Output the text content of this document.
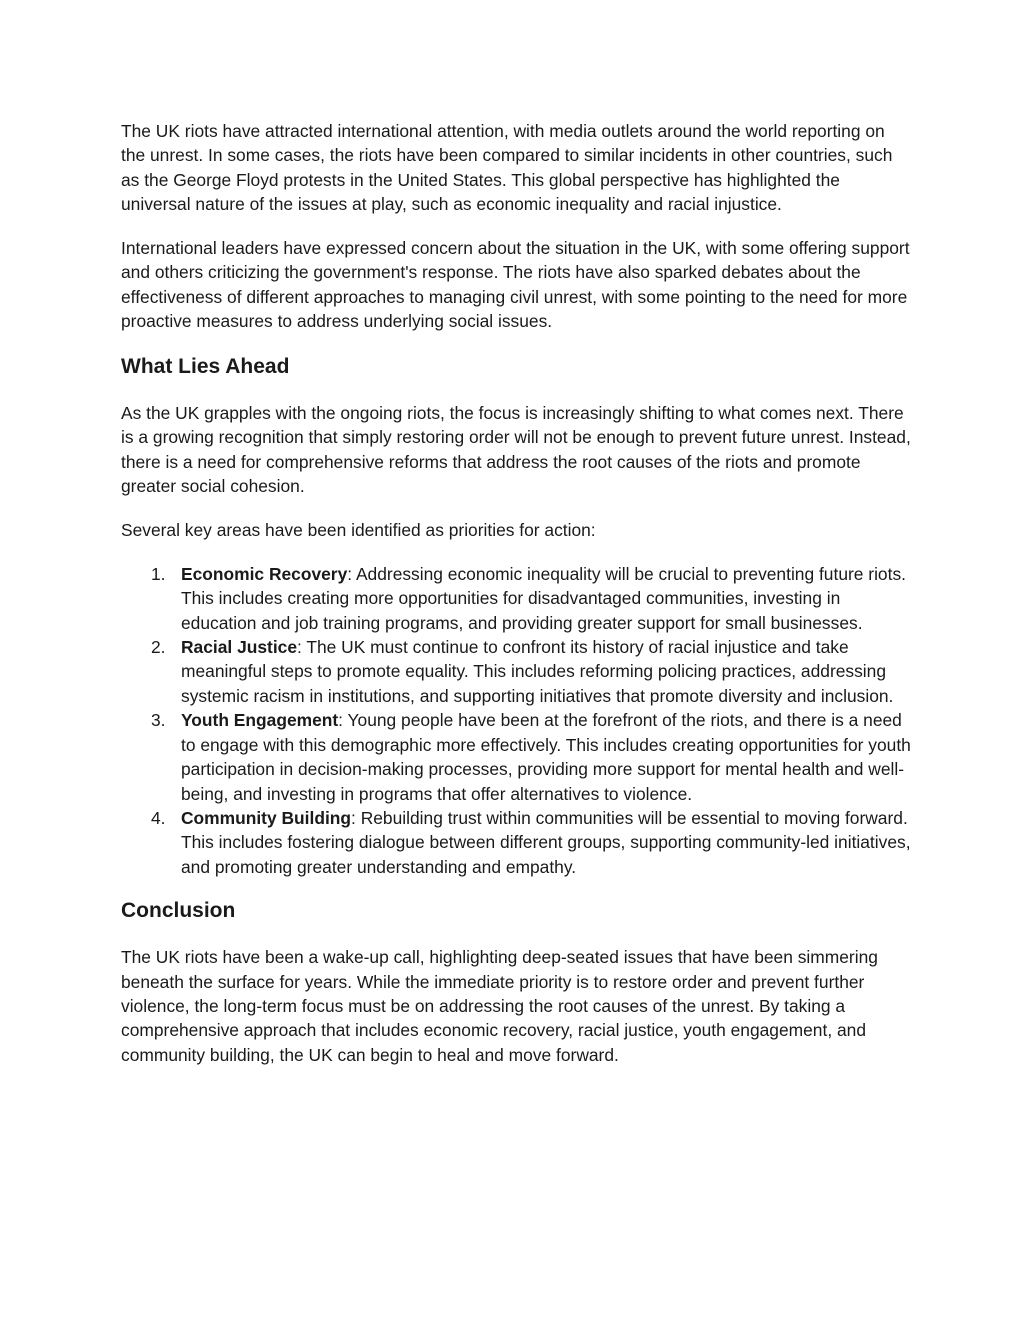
The UK riots have attracted international attention, with media outlets around the world reporting on the unrest. In some cases, the riots have been compared to similar incidents in other countries, such as the George Floyd protests in the United States. This global perspective has highlighted the universal nature of the issues at play, such as economic inequality and racial injustice.

International leaders have expressed concern about the situation in the UK, with some offering support and others criticizing the government's response. The riots have also sparked debates about the effectiveness of different approaches to managing civil unrest, with some pointing to the need for more proactive measures to address underlying social issues.

What Lies Ahead

As the UK grapples with the ongoing riots, the focus is increasingly shifting to what comes next. There is a growing recognition that simply restoring order will not be enough to prevent future unrest. Instead, there is a need for comprehensive reforms that address the root causes of the riots and promote greater social cohesion.

Several key areas have been identified as priorities for action:

1. Economic Recovery: Addressing economic inequality will be crucial to preventing future riots. This includes creating more opportunities for disadvantaged communities, investing in education and job training programs, and providing greater support for small businesses.
2. Racial Justice: The UK must continue to confront its history of racial injustice and take meaningful steps to promote equality. This includes reforming policing practices, addressing systemic racism in institutions, and supporting initiatives that promote diversity and inclusion.
3. Youth Engagement: Young people have been at the forefront of the riots, and there is a need to engage with this demographic more effectively. This includes creating opportunities for youth participation in decision-making processes, providing more support for mental health and well-being, and investing in programs that offer alternatives to violence.
4. Community Building: Rebuilding trust within communities will be essential to moving forward. This includes fostering dialogue between different groups, supporting community-led initiatives, and promoting greater understanding and empathy.
Conclusion

The UK riots have been a wake-up call, highlighting deep-seated issues that have been simmering beneath the surface for years. While the immediate priority is to restore order and prevent further violence, the long-term focus must be on addressing the root causes of the unrest. By taking a comprehensive approach that includes economic recovery, racial justice, youth engagement, and community building, the UK can begin to heal and move forward.
